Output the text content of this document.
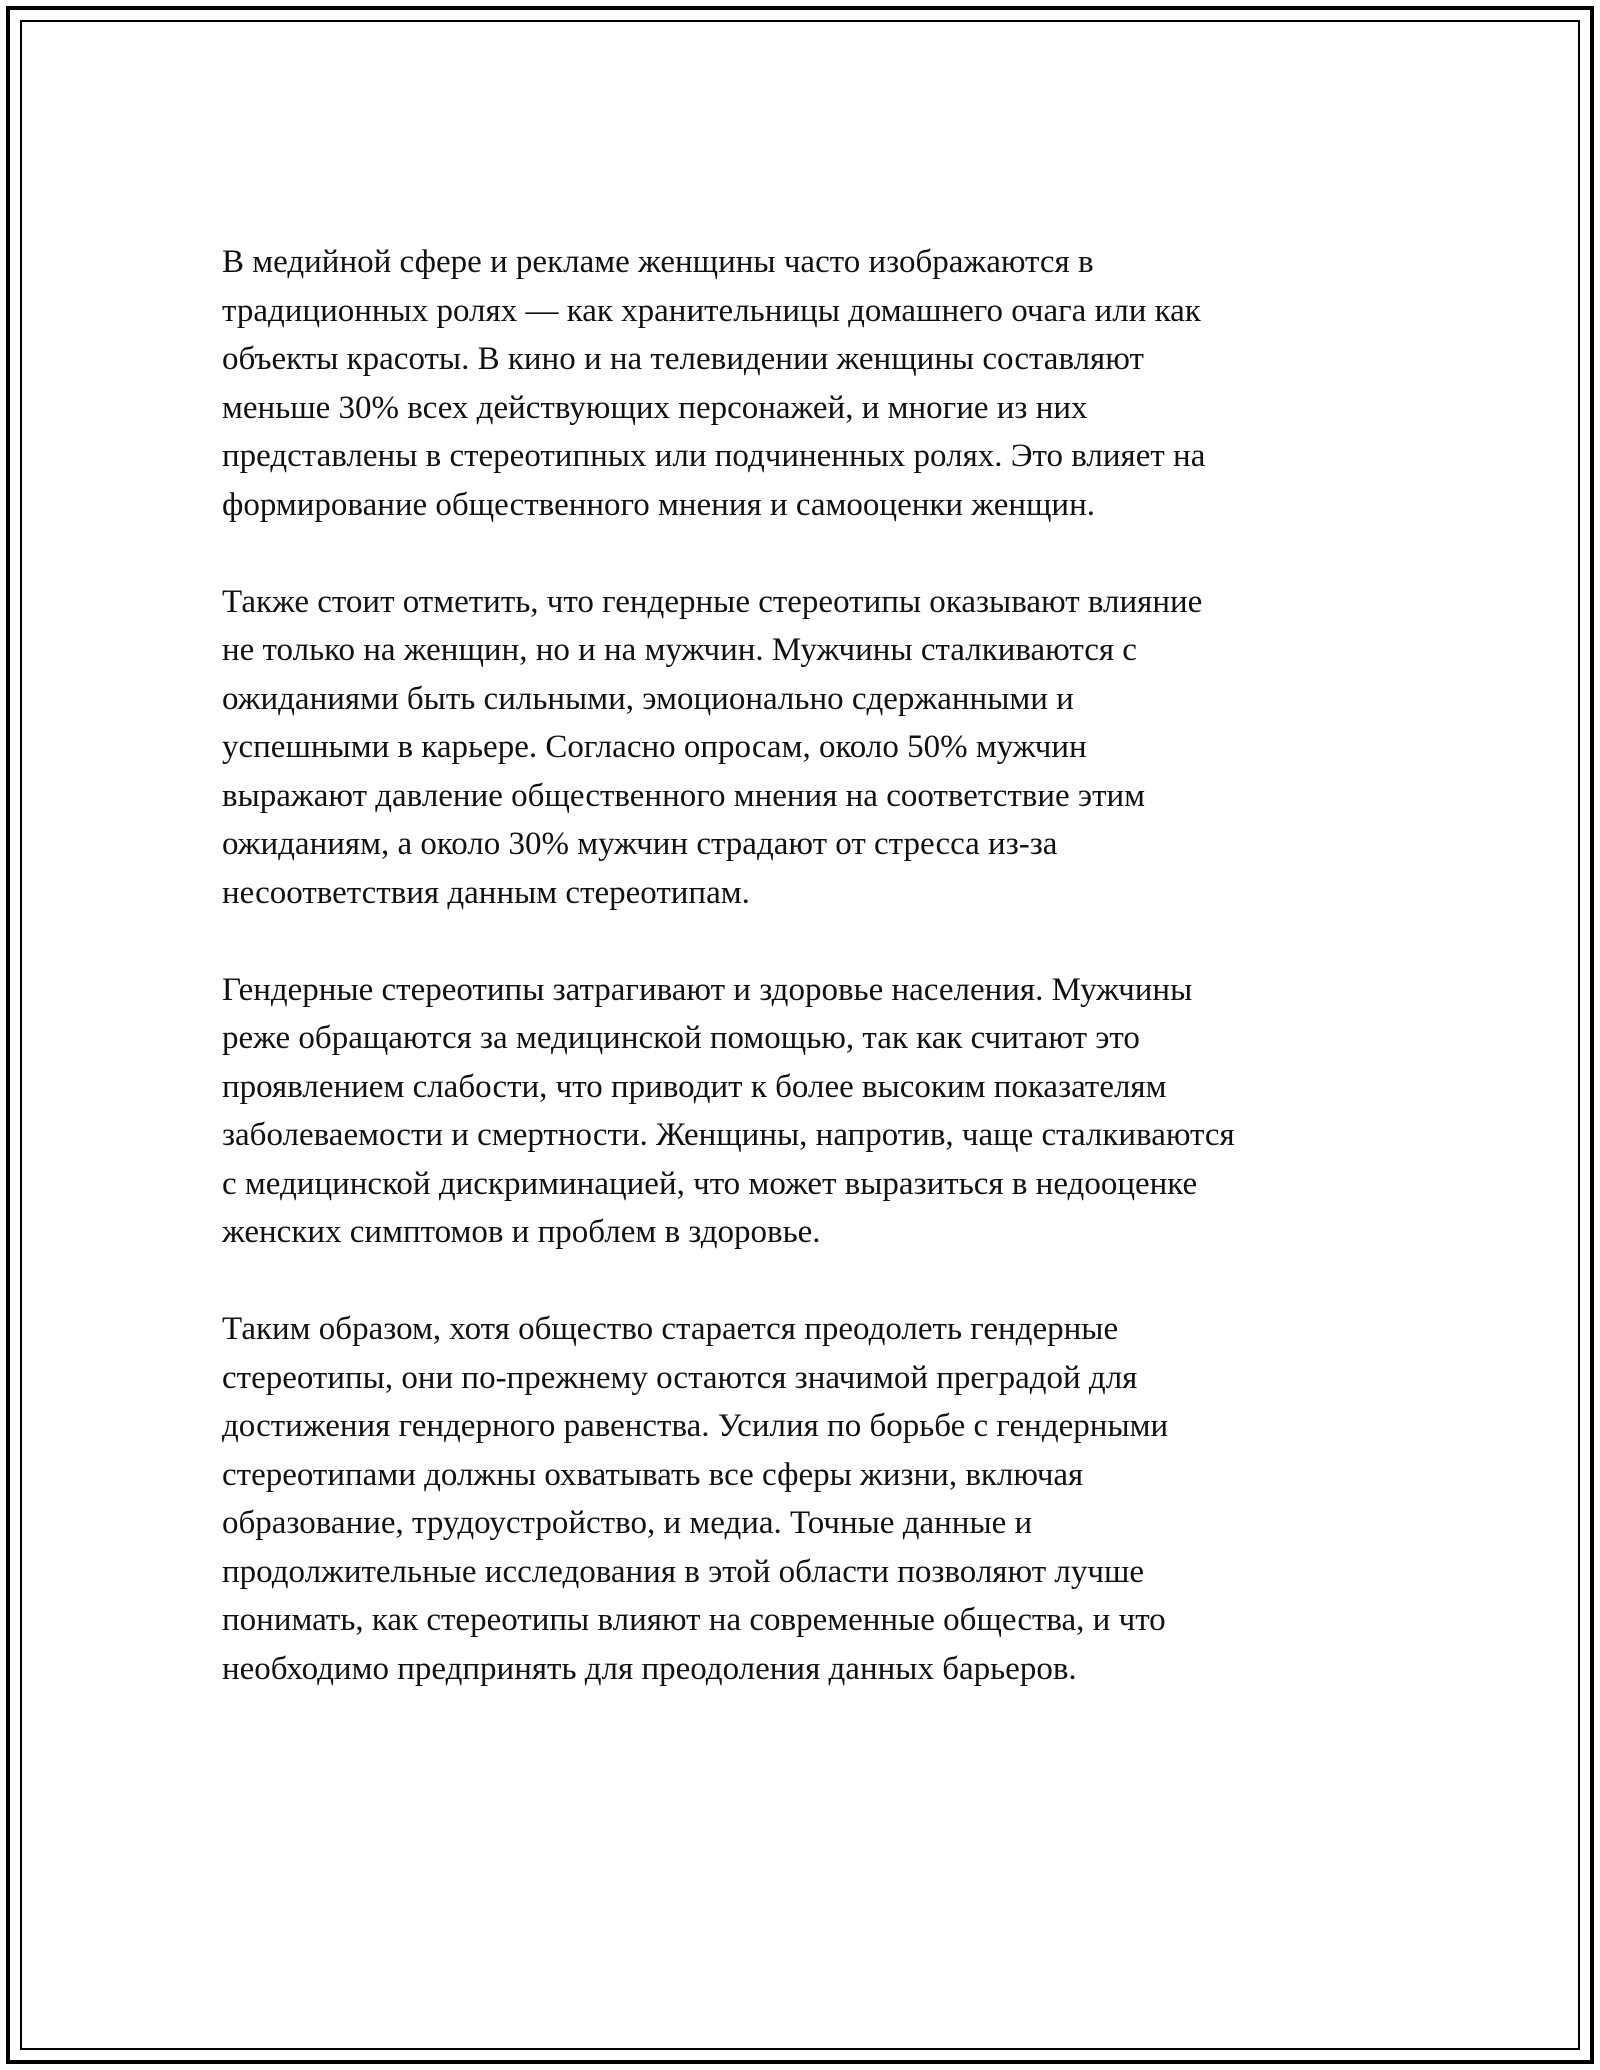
В медийной сфере и рекламе женщины часто изображаются в
традиционных ролях — как хранительницы домашнего очага или как
объекты красоты. В кино и на телевидении женщины составляют
меньше 30% всех действующих персонажей, и многие из них
представлены в стереотипных или подчиненных ролях. Это влияет на
формирование общественного мнения и самооценки женщин.

Также стоит отметить, что гендерные стереотипы оказывают влияние
не только на женщин, но и на мужчин. Мужчины сталкиваются с
ожиданиями быть сильными, эмоционально сдержанными и
успешными в карьере. Согласно опросам, около 50% мужчин
выражают давление общественного мнения на соответствие этим
ожиданиям, а около 30% мужчин страдают от стресса из-за
несоответствия данным стереотипам.

Гендерные стереотипы затрагивают и здоровье населения. Мужчины
реже обращаются за медицинской помощью, так как считают это
проявлением слабости, что приводит к более высоким показателям
заболеваемости и смертности. Женщины, напротив, чаще сталкиваются
с медицинской дискриминацией, что может выразиться в недооценке
женских симптомов и проблем в здоровье.

Таким образом, хотя общество старается преодолеть гендерные
стереотипы, они по-прежнему остаются значимой преградой для
достижения гендерного равенства. Усилия по борьбе с гендерными
стереотипами должны охватывать все сферы жизни, включая
образование, трудоустройство, и медиа. Точные данные и
продолжительные исследования в этой области позволяют лучше
понимать, как стереотипы влияют на современные общества, и что
необходимо предпринять для преодоления данных барьеров.
